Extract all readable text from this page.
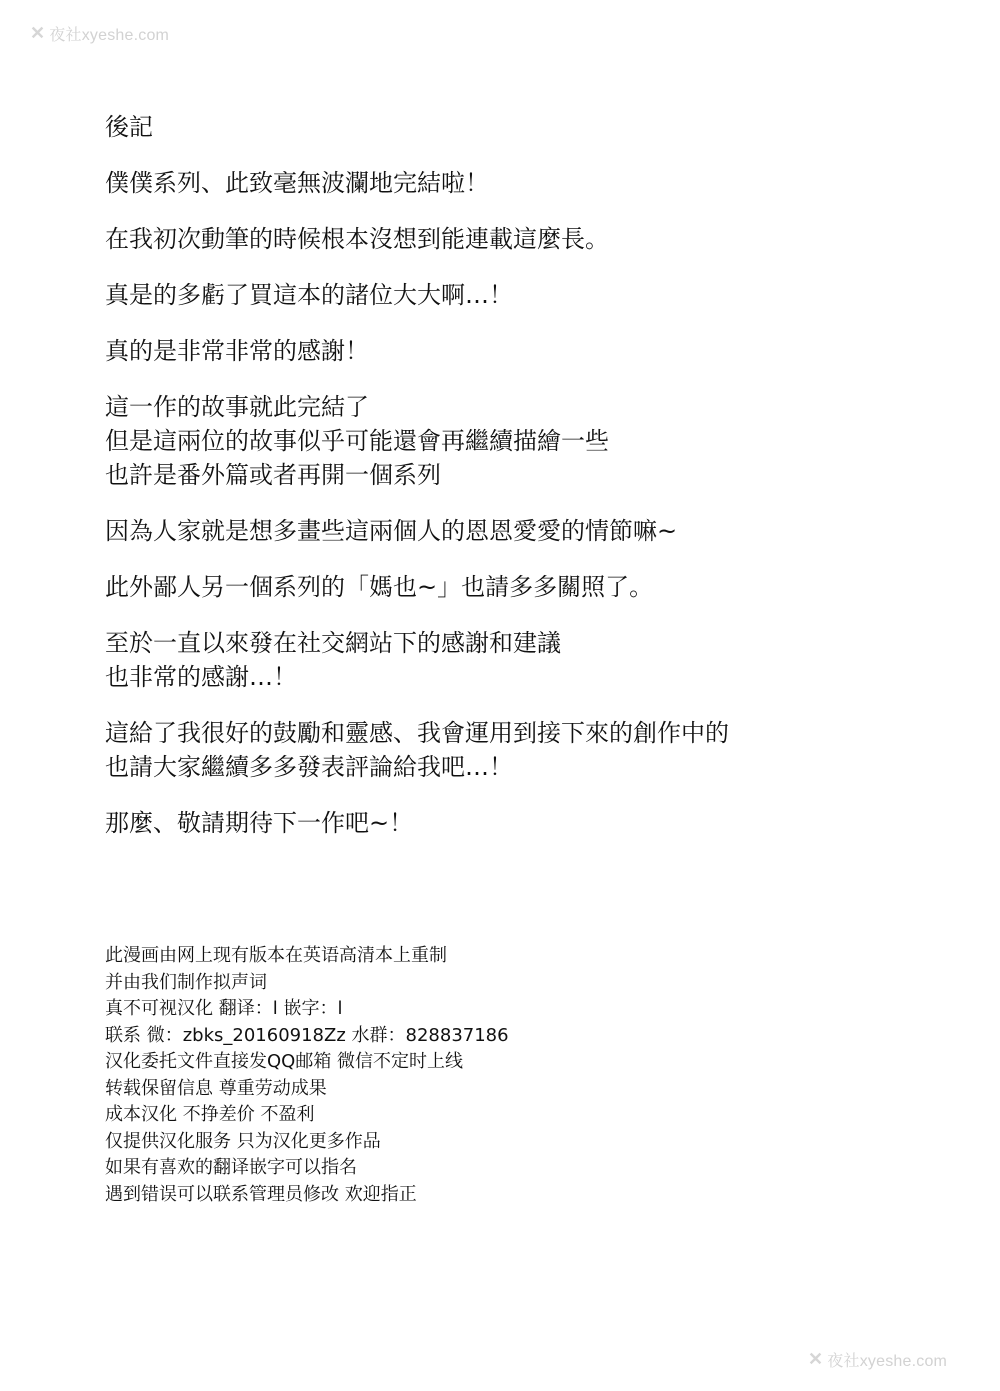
✕ 夜社xyeshe.com
後記
僕僕系列、此致毫無波瀾地完結啦！
在我初次動筆的時候根本沒想到能連載這麼長。
真是的多虧了買這本的諸位大大啊…！
真的是非常非常的感謝！
這一作的故事就此完結了
但是這兩位的故事似乎可能還會再繼續描繪一些
也許是番外篇或者再開一個系列
因為人家就是想多畫些這兩個人的恩恩愛愛的情節嘛~
此外鄙人另一個系列的「媽也~」也請多多關照了。
至於一直以來發在社交網站下的感謝和建議
也非常的感謝…！
這給了我很好的鼓勵和靈感、我會運用到接下來的創作中的
也請大家繼續多多發表評論給我吧…！
那麼、敬請期待下一作吧~！
此漫画由网上现有版本在英语高清本上重制
并由我们制作拟声词
真不可视汉化 翻译：l 嵌字：l
联系 微：zbks_20160918Zz 水群：828837186
汉化委托文件直接发QQ邮箱 微信不定时上线
转载保留信息 尊重劳动成果
成本汉化 不挣差价 不盈利
仅提供汉化服务 只为汉化更多作品
如果有喜欢的翻译嵌字可以指名
遇到错误可以联系管理员修改 欢迎指正
✕ 夜社xyeshe.com
